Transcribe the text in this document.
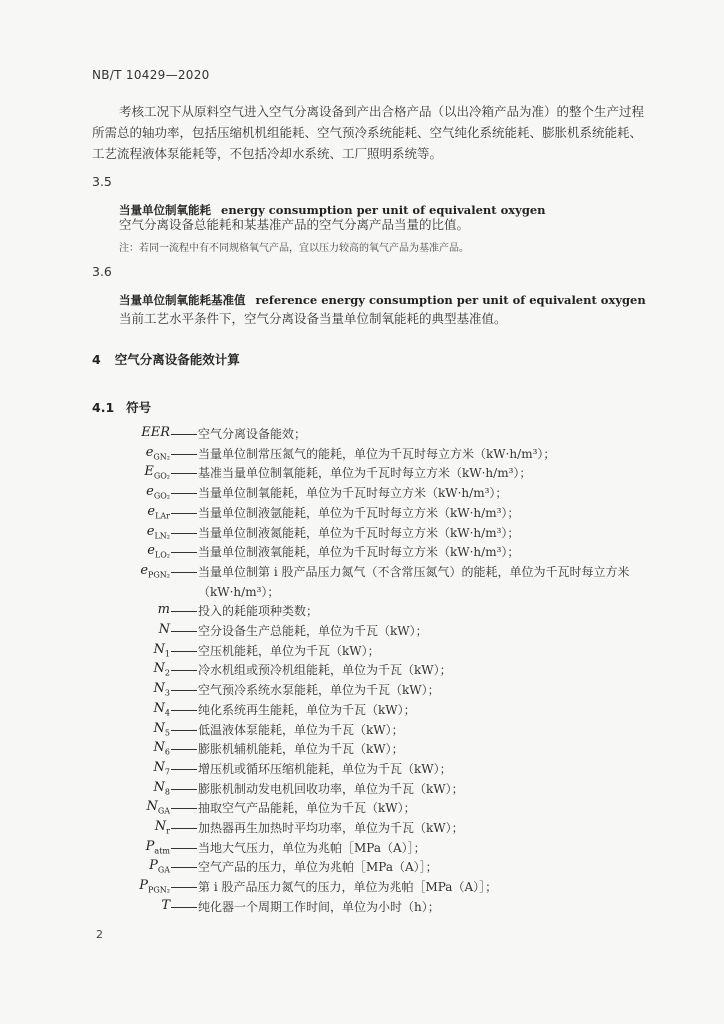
NB/T 10429—2020
考核工况下从原料空气进入空气分离设备到产出合格产品（以出冷箱产品为准）的整个生产过程
所需总的轴功率，包括压缩机机组能耗、空气预冷系统能耗、空气纯化系统能耗、膨胀机系统能耗、
工艺流程液体泵能耗等，不包括冷却水系统、工厂照明系统等。
3.5
当量单位制氧能耗 energy consumption per unit of equivalent oxygen
空气分离设备总能耗和某基准产品的空气分离产品当量的比值。
注：若同一流程中有不同规格氧气产品，宜以压力较高的氧气产品为基准产品。
3.6
当量单位制氧能耗基准值 reference energy consumption per unit of equivalent oxygen
当前工艺水平条件下，空气分离设备当量单位制氧能耗的典型基准值。
4 空气分离设备能效计算
4.1 符号
EER 空气分离设备能效；
$e_{GN_2}$ 当量单位制常压氮气的能耗，单位为千瓦时每立方米（kW·h/m³）；
$E_{GO_2}$ 基准当量单位制氧能耗，单位为千瓦时每立方米（kW·h/m³）；
$e_{GO_2}$ 当量单位制氧能耗，单位为千瓦时每立方米（kW·h/m³）；
$e_{LAr}$ 当量单位制液氩能耗，单位为千瓦时每立方米（kW·h/m³）；
$e_{LN_2}$ 当量单位制液氮能耗，单位为千瓦时每立方米（kW·h/m³）；
$e_{LO_2}$ 当量单位制液氧能耗，单位为千瓦时每立方米（kW·h/m³）；
$e_{PGN_2}$ 当量单位制第 i 股产品压力氮气（不含常压氮气）的能耗，单位为千瓦时每立方米
（kW·h/m³）；
m 投入的耗能项种类数；
N 空分设备生产总能耗，单位为千瓦（kW）；
$N_1$ 空压机能耗，单位为千瓦（kW）；
$N_2$ 冷水机组或预冷机组能耗，单位为千瓦（kW）；
$N_3$ 空气预冷系统水泵能耗，单位为千瓦（kW）；
$N_4$ 纯化系统再生能耗，单位为千瓦（kW）；
$N_5$ 低温液体泵能耗，单位为千瓦（kW）；
$N_6$ 膨胀机辅机能耗，单位为千瓦（kW）；
$N_7$ 增压机或循环压缩机能耗，单位为千瓦（kW）；
$N_8$ 膨胀机制动发电机回收功率，单位为千瓦（kW）；
$N_{GA}$ 抽取空气产品能耗，单位为千瓦（kW）；
$N_r$ 加热器再生加热时平均功率，单位为千瓦（kW）；
$P_{atm}$ 当地大气压力，单位为兆帕［MPa（A）］；
$P_{GA}$ 空气产品的压力，单位为兆帕［MPa（A）］；
$P_{PGN_2}$ 第 i 股产品压力氮气的压力，单位为兆帕［MPa（A）］；
T 纯化器一个周期工作时间，单位为小时（h）；
2
